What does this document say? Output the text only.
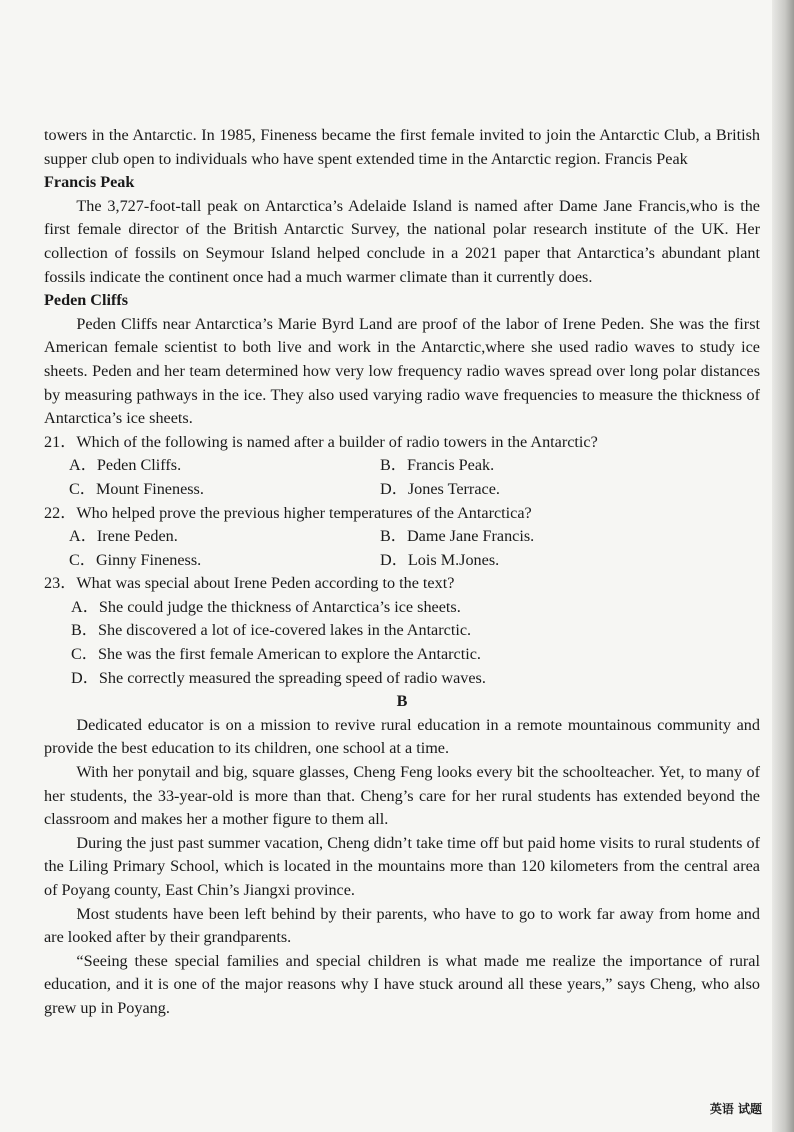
towers in the Antarctic. In 1985, Fineness became the first female invited to join the Antarctic Club, a British supper club open to individuals who have spent extended time in the Antarctic region. Francis Peak

Francis Peak

The 3,727-foot-tall peak on Antarctica’s Adelaide Island is named after Dame Jane Francis,who is the first female director of the British Antarctic Survey, the national polar research institute of the UK. Her collection of fossils on Seymour Island helped conclude in a 2021 paper that Antarctica’s abundant plant fossils indicate the continent once had a much warmer climate than it currently does.

Peden Cliffs

Peden Cliffs near Antarctica’s Marie Byrd Land are proof of the labor of Irene Peden. She was the first American female scientist to both live and work in the Antarctic,where she used radio waves to study ice sheets. Peden and her team determined how very low frequency radio waves spread over long polar distances by measuring pathways in the ice. They also used varying radio wave frequencies to measure the thickness of Antarctica’s ice sheets.

21．Which of the following is named after a builder of radio towers in the Antarctic?

A．Peden Cliffs.	B．Francis Peak.
C．Mount Fineness.	D．Jones Terrace.

22．Who helped prove the previous higher temperatures of the Antarctica?

A．Irene Peden.	B．Dame Jane Francis.
C．Ginny Fineness.	D．Lois M.Jones.

23．What was special about Irene Peden according to the text?

A．She could judge the thickness of Antarctica’s ice sheets.

B．She discovered a lot of ice-covered lakes in the Antarctic.

C．She was the first female American to explore the Antarctic.

D．She correctly measured the spreading speed of radio waves.

B

Dedicated educator is on a mission to revive rural education in a remote mountainous community and provide the best education to its children, one school at a time.

With her ponytail and big, square glasses, Cheng Feng looks every bit the schoolteacher. Yet, to many of her students, the 33-year-old is more than that. Cheng’s care for her rural students has extended beyond the classroom and makes her a mother figure to them all.

During the just past summer vacation, Cheng didn’t take time off but paid home visits to rural students of the Liling Primary School, which is located in the mountains more than 120 kilometers from the central area of Poyang county, East Chin’s Jiangxi province.

Most students have been left behind by their parents, who have to go to work far away from home and are looked after by their grandparents.

“Seeing these special families and special children is what made me realize the importance of rural education, and it is one of the major reasons why I have stuck around all these years,” says Cheng, who also grew up in Poyang.

英语 试题
